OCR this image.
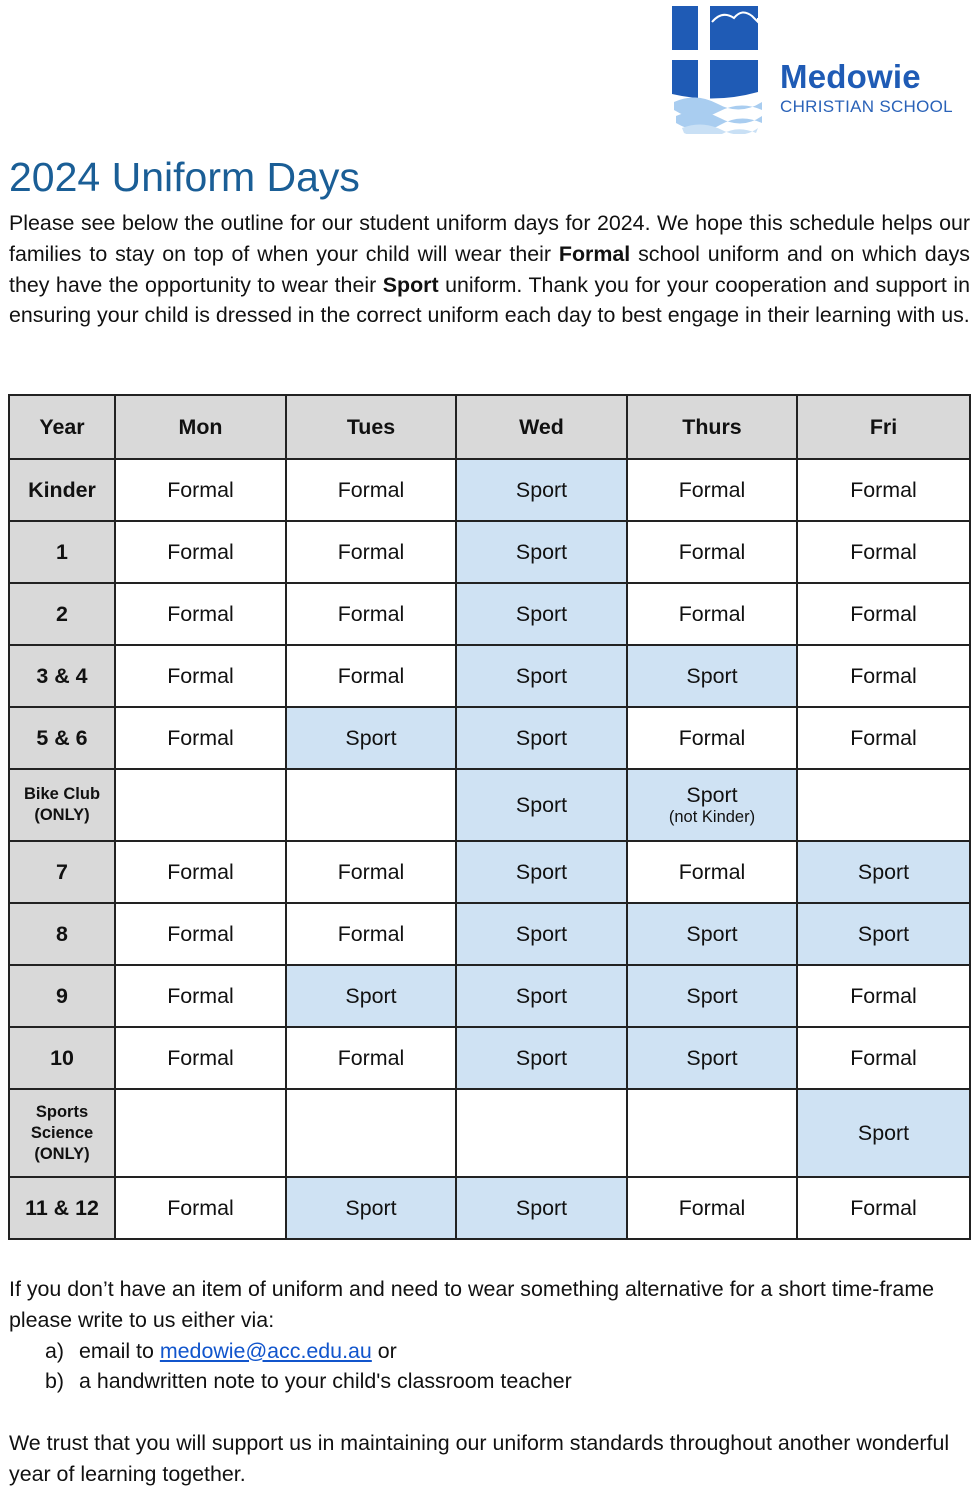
Medowie
CHRISTIAN SCHOOL
2024 Uniform Days

Please see below the outline for our student uniform days for 2024. We hope this schedule helps our families to stay on top of when your child will wear their Formal school uniform and on which days they have the opportunity to wear their Sport uniform. Thank you for your cooperation and support in ensuring your child is dressed in the correct uniform each day to best engage in their learning with us.

Year	Mon	Tues	Wed	Thurs	Fri
Kinder	Formal	Formal	Sport	Formal	Formal
1	Formal	Formal	Sport	Formal	Formal
2	Formal	Formal	Sport	Formal	Formal
3 & 4	Formal	Formal	Sport	Sport	Formal
5 & 6	Formal	Sport	Sport	Formal	Formal
Bike Club (ONLY)			Sport	Sport
(not Kinder)	

7	Formal	Formal	Sport	Formal	Sport
8	Formal	Formal	Sport	Sport	Sport
9	Formal	Sport	Sport	Sport	Formal
10	Formal	Formal	Sport	Sport	Formal
Sports Science (ONLY)					Sport
11 & 12	Formal	Sport	Sport	Formal	Formal

If you don’t have an item of uniform and need to wear something alternative for a short time-frame please write to us either via:

a) email to medowie@acc.edu.au or
b) a handwritten note to your child's classroom teacher

We trust that you will support us in maintaining our uniform standards throughout another wonderful year of learning together.
